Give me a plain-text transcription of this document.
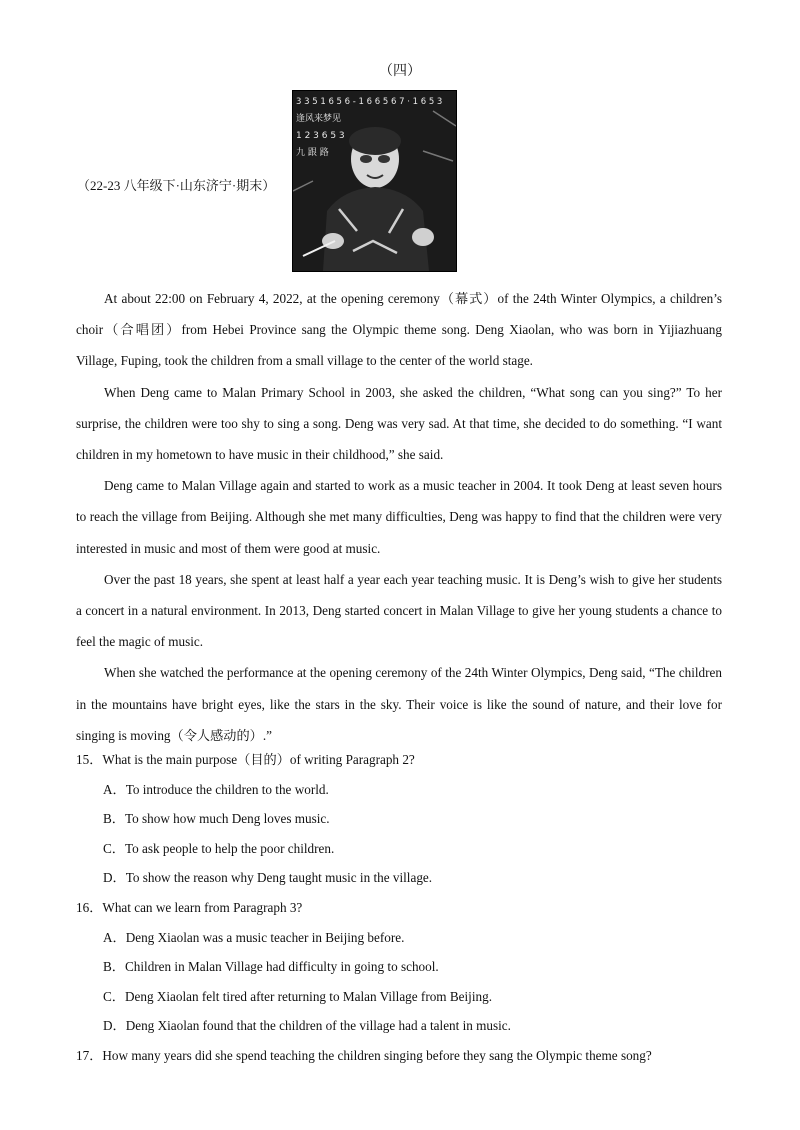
（四）
（22-23 八年级下·山东济宁·期末）
3 3 5 1 6 5 6 - 1 6 6 5 6 7 · 1 6 5 3
逢风来梦见
1 2 3 6 5 3
九 跟 路

At about 22:00 on February 4, 2022, at the opening ceremony（幕式）of the 24th Winter Olympics, a children’s choir（合唱团）from Hebei Province sang the Olympic theme song. Deng Xiaolan, who was born in Yijiazhuang Village, Fuping, took the children from a small village to the center of the world stage.

When Deng came to Malan Primary School in 2003, she asked the children, “What song can you sing?” To her surprise, the children were too shy to sing a song. Deng was very sad. At that time, she decided to do something. “I want children in my hometown to have music in their childhood,” she said.

Deng came to Malan Village again and started to work as a music teacher in 2004. It took Deng at least seven hours to reach the village from Beijing. Although she met many difficulties, Deng was happy to find that the children were very interested in music and most of them were good at music.

Over the past 18 years, she spent at least half a year each year teaching music. It is Deng’s wish to give her students a concert in a natural environment. In 2013, Deng started concert in Malan Village to give her young students a chance to feel the magic of music.

When she watched the performance at the opening ceremony of the 24th Winter Olympics, Deng said, “The children in the mountains have bright eyes, like the stars in the sky. Their voice is like the sound of nature, and their love for singing is moving（令人感动的）.”

15．What is the main purpose（目的）of writing Paragraph 2?

A．To introduce the children to the world.

B．To show how much Deng loves music.

C．To ask people to help the poor children.

D．To show the reason why Deng taught music in the village.

16．What can we learn from Paragraph 3?

A．Deng Xiaolan was a music teacher in Beijing before.

B．Children in Malan Village had difficulty in going to school.

C．Deng Xiaolan felt tired after returning to Malan Village from Beijing.

D．Deng Xiaolan found that the children of the village had a talent in music.

17．How many years did she spend teaching the children singing before they sang the Olympic theme song?
